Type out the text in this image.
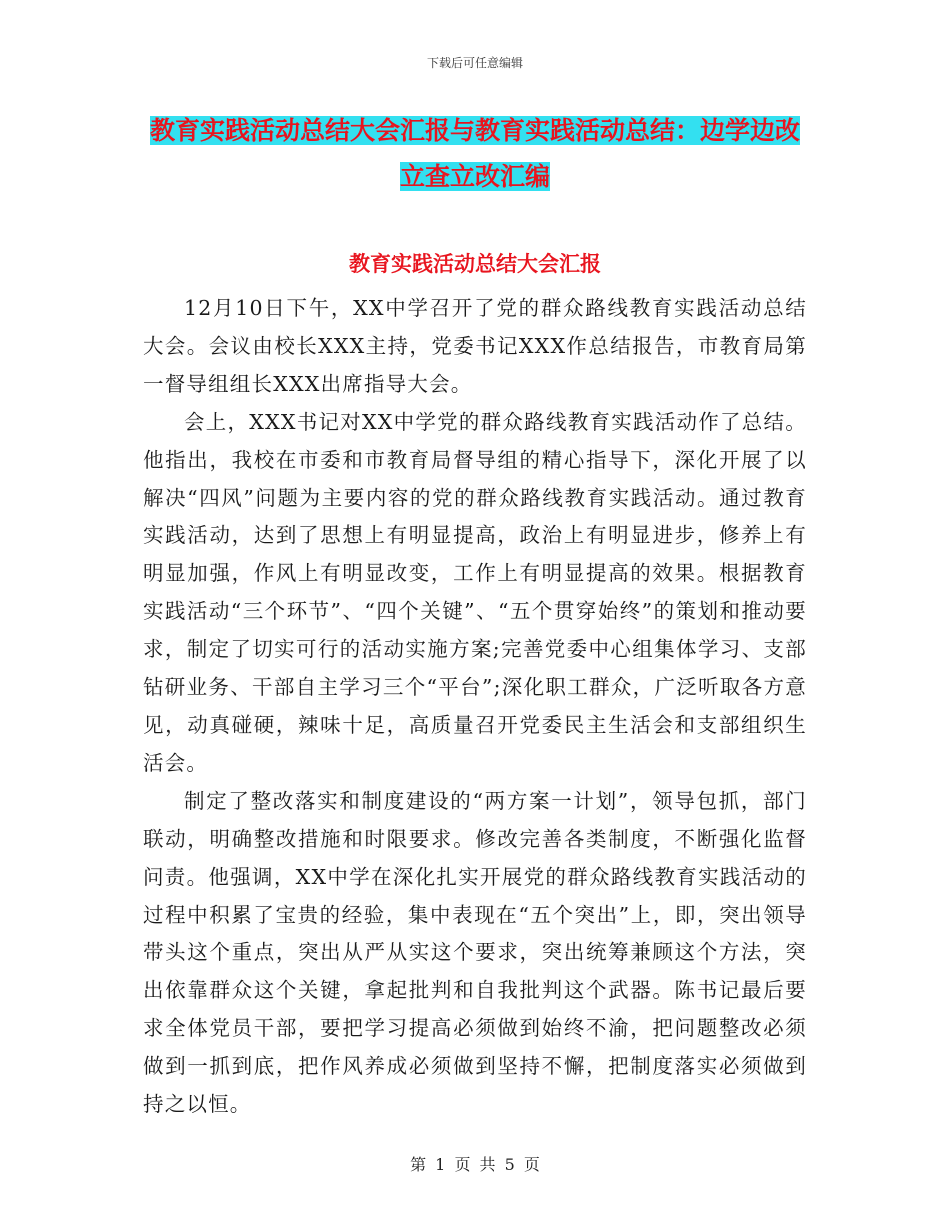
下载后可任意编辑
教育实践活动总结大会汇报与教育实践活动总结：边学边改立查立改汇编
教育实践活动总结大会汇报

12月10日下午，XX中学召开了党的群众路线教育实践活动总结大会。会议由校长XXX主持，党委书记XXX作总结报告，市教育局第一督导组组长XXX出席指导大会。

会上，XXX书记对XX中学党的群众路线教育实践活动作了总结。他指出，我校在市委和市教育局督导组的精心指导下，深化开展了以解决“四风”问题为主要内容的党的群众路线教育实践活动。通过教育实践活动，达到了思想上有明显提高，政治上有明显进步，修养上有明显加强，作风上有明显改变，工作上有明显提高的效果。根据教育实践活动“三个环节”、“四个关键”、“五个贯穿始终”的策划和推动要求，制定了切实可行的活动实施方案;完善党委中心组集体学习、支部钻研业务、干部自主学习三个“平台”;深化职工群众，广泛听取各方意见，动真碰硬，辣味十足，高质量召开党委民主生活会和支部组织生活会。

制定了整改落实和制度建设的“两方案一计划”，领导包抓，部门联动，明确整改措施和时限要求。修改完善各类制度，不断强化监督问责。他强调，XX中学在深化扎实开展党的群众路线教育实践活动的过程中积累了宝贵的经验，集中表现在“五个突出”上，即，突出领导带头这个重点，突出从严从实这个要求，突出统筹兼顾这个方法，突出依靠群众这个关键，拿起批判和自我批判这个武器。陈书记最后要求全体党员干部，要把学习提高必须做到始终不渝，把问题整改必须做到一抓到底，把作风养成必须做到坚持不懈，把制度落实必须做到持之以恒。

第 1 页 共 5 页
